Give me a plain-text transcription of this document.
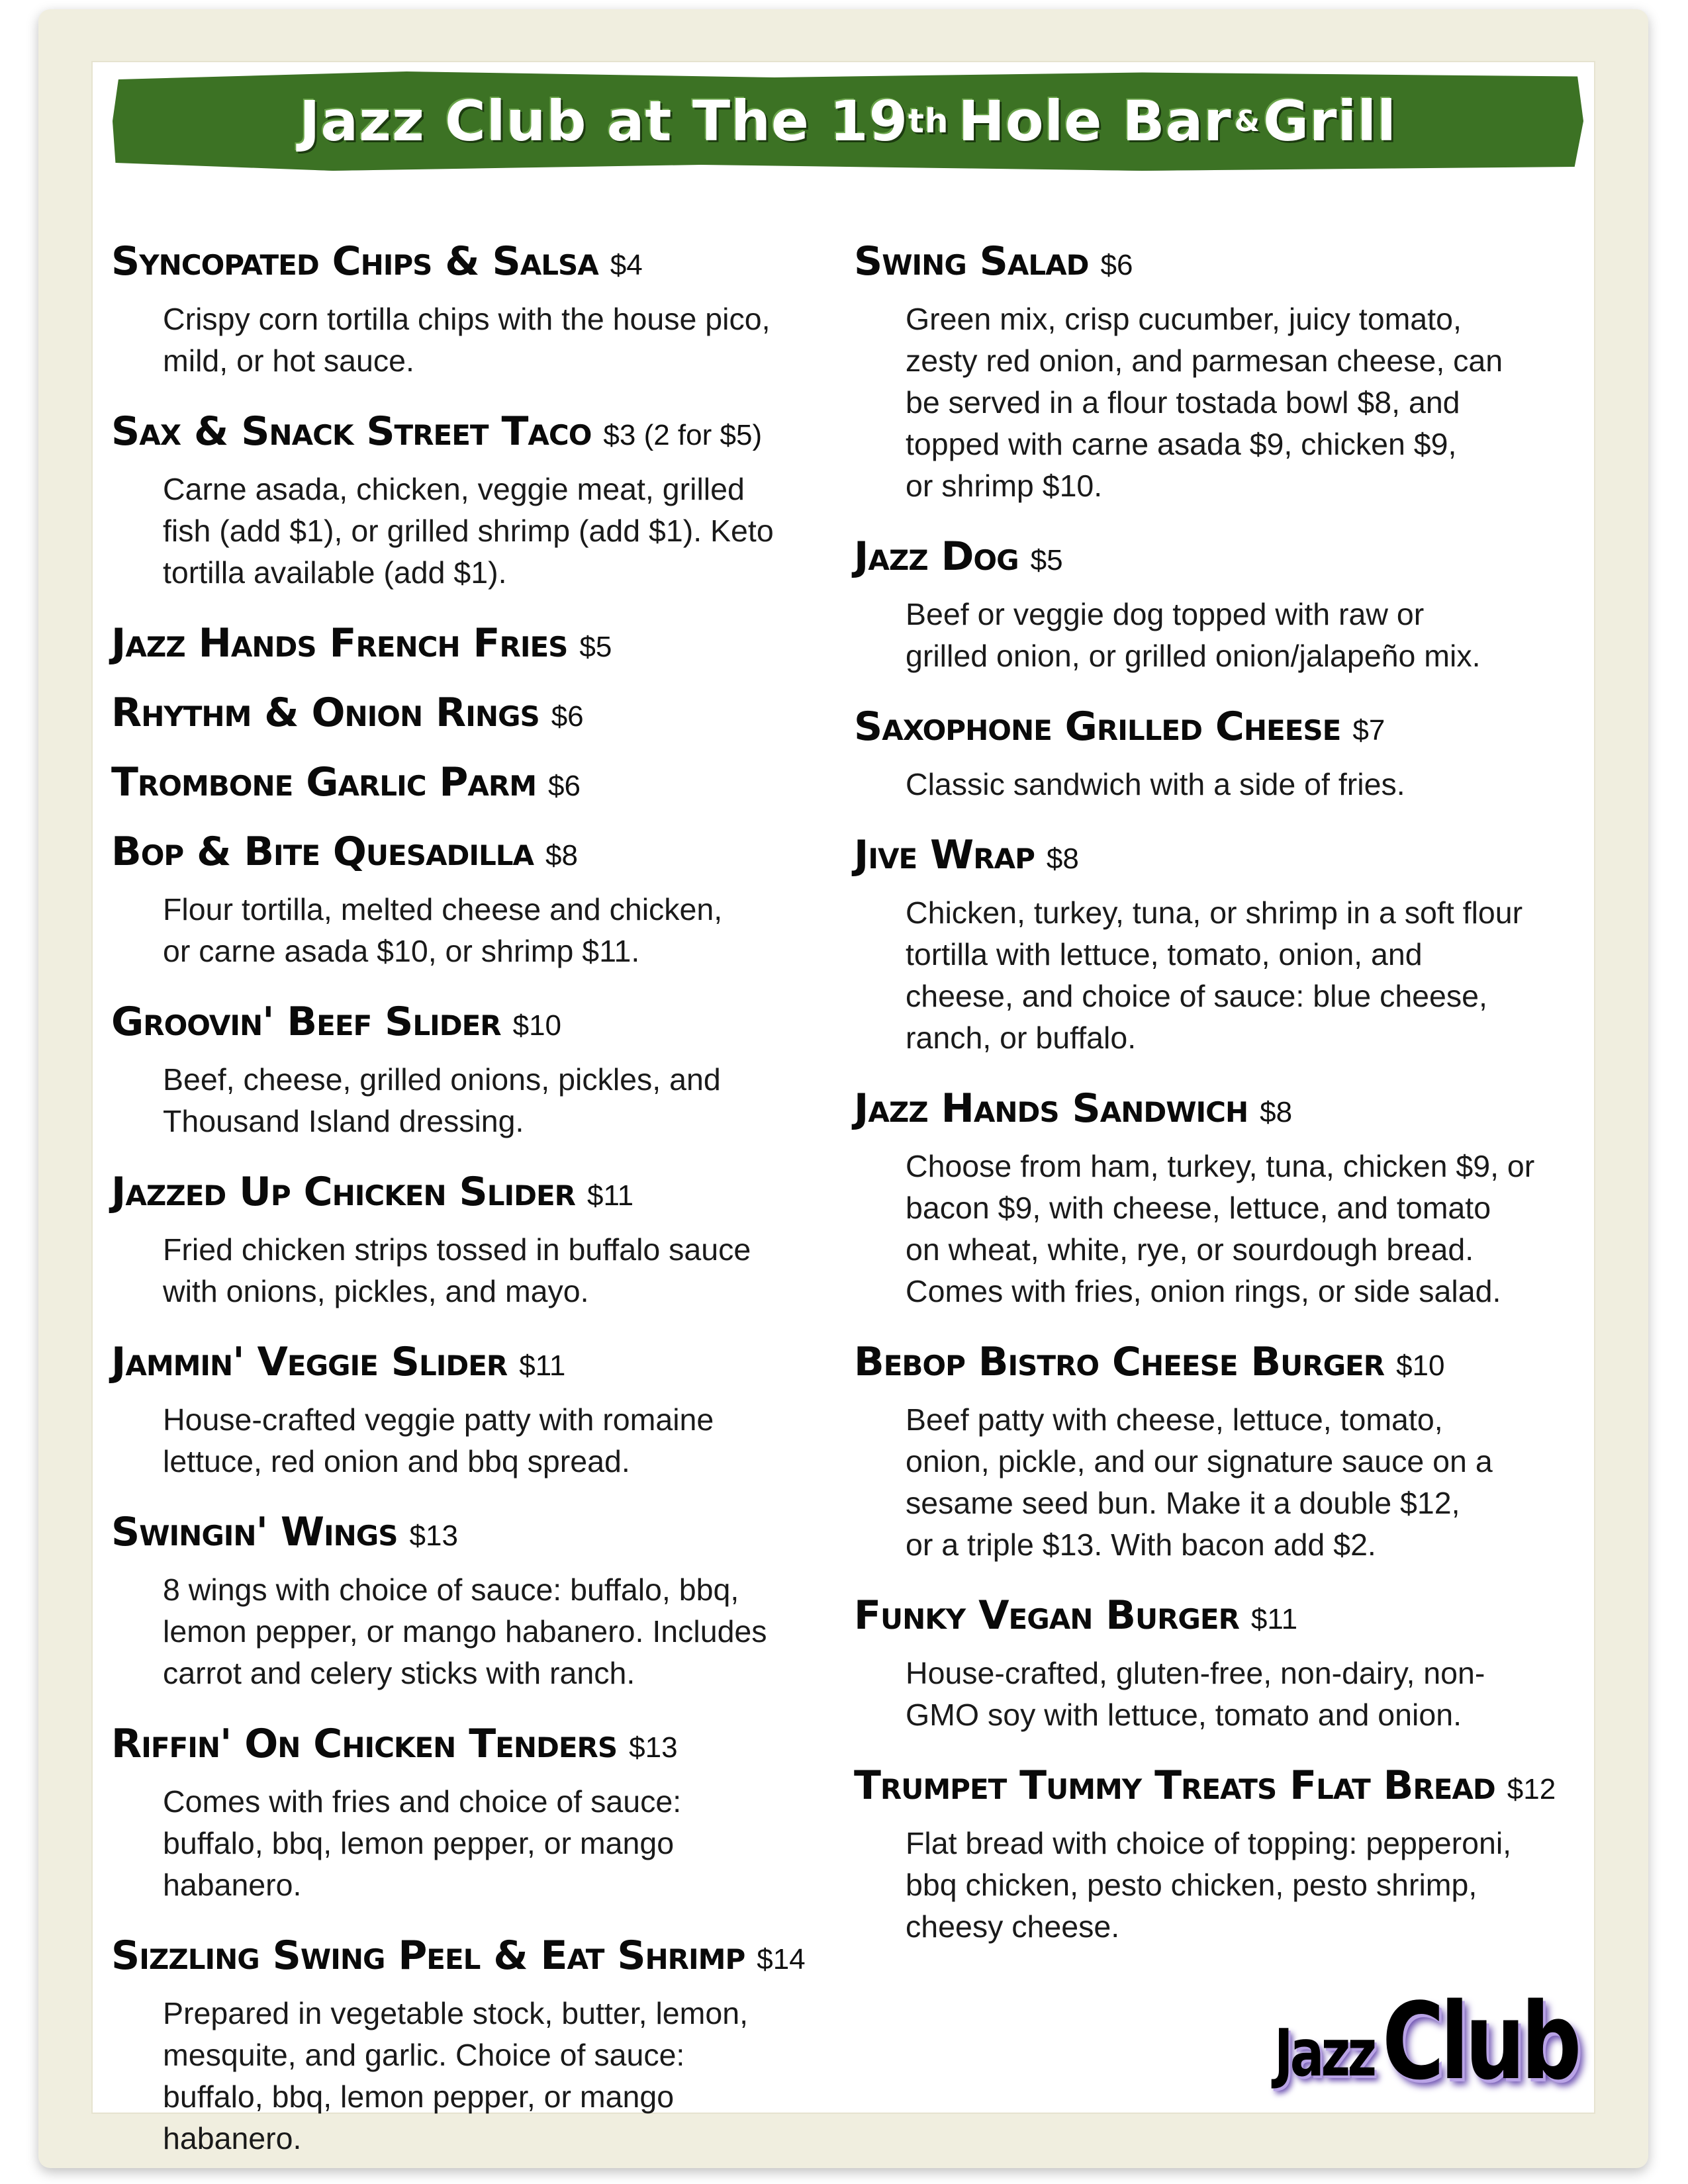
Jazz Club at The 19 th Hole Bar & Grill
Syncopated Chips & Salsa $4
Crispy corn tortilla chips with the house pico,
mild, or hot sauce.
Sax & Snack Street Taco $3 (2 for $5)
Carne asada, chicken, veggie meat, grilled
fish (add $1), or grilled shrimp (add $1). Keto
tortilla available (add $1).
Jazz Hands French Fries $5
Rhythm & Onion Rings $6
Trombone Garlic Parm $6
Bop & Bite Quesadilla $8
Flour tortilla, melted cheese and chicken,
or carne asada $10, or shrimp $11.
Groovin' Beef Slider $10
Beef, cheese, grilled onions, pickles, and
Thousand Island dressing.
Jazzed Up Chicken Slider $11
Fried chicken strips tossed in buffalo sauce
with onions, pickles, and mayo.
Jammin' Veggie Slider $11
House-crafted veggie patty with romaine
lettuce, red onion and bbq spread.
Swingin' Wings $13
8 wings with choice of sauce: buffalo, bbq,
lemon pepper, or mango habanero. Includes
carrot and celery sticks with ranch.
Riffin' On Chicken Tenders $13
Comes with fries and choice of sauce:
buffalo, bbq, lemon pepper, or mango
habanero.
Sizzling Swing Peel & Eat Shrimp $14
Prepared in vegetable stock, butter, lemon,
mesquite, and garlic. Choice of sauce:
buffalo, bbq, lemon pepper, or mango
habanero.
Swing Salad $6
Green mix, crisp cucumber, juicy tomato,
zesty red onion, and parmesan cheese, can
be served in a flour tostada bowl $8, and
topped with carne asada $9, chicken $9,
or shrimp $10.
Jazz Dog $5
Beef or veggie dog topped with raw or
grilled onion, or grilled onion/jalapeño mix.
Saxophone Grilled Cheese $7
Classic sandwich with a side of fries.
Jive Wrap $8
Chicken, turkey, tuna, or shrimp in a soft flour
tortilla with lettuce, tomato, onion, and
cheese, and choice of sauce: blue cheese,
ranch, or buffalo.
Jazz Hands Sandwich $8
Choose from ham, turkey, tuna, chicken $9, or
bacon $9, with cheese, lettuce, and tomato
on wheat, white, rye, or sourdough bread.
Comes with fries, onion rings, or side salad.
Bebop Bistro Cheese Burger $10
Beef patty with cheese, lettuce, tomato,
onion, pickle, and our signature sauce on a
sesame seed bun. Make it a double $12,
or a triple $13. With bacon add $2.
Funky Vegan Burger $11
House-crafted, gluten-free, non-dairy, non-
GMO soy with lettuce, tomato and onion.
Trumpet Tummy Treats Flat Bread $12
Flat bread with choice of topping: pepperoni,
bbq chicken, pesto chicken, pesto shrimp,
cheesy cheese.
Jazz Club
